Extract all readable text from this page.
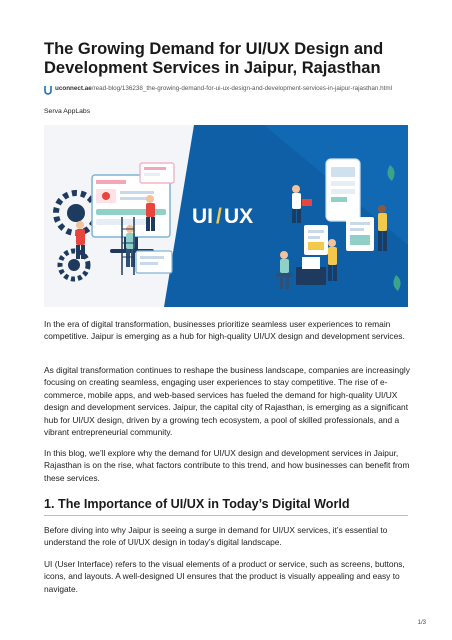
The Growing Demand for UI/UX Design and Development Services in Jaipur, Rajasthan
uconnect.ae/read-blog/136238_the-growing-demand-for-ui-ux-design-and-development-services-in-jaipur-rajasthan.html
Serva AppLabs
UI / UX

In the era of digital transformation, businesses prioritize seamless user experiences to remain competitive. Jaipur is emerging as a hub for high-quality UI/UX design and development services.

As digital transformation continues to reshape the business landscape, companies are increasingly focusing on creating seamless, engaging user experiences to stay competitive. The rise of e-commerce, mobile apps, and web-based services has fueled the demand for high-quality UI/UX design and development services. Jaipur, the capital city of Rajasthan, is emerging as a significant hub for UI/UX design, driven by a growing tech ecosystem, a pool of skilled professionals, and a vibrant entrepreneurial community.

In this blog, we’ll explore why the demand for UI/UX design and development services in Jaipur, Rajasthan is on the rise, what factors contribute to this trend, and how businesses can benefit from these services.

1. The Importance of UI/UX in Today’s Digital World

Before diving into why Jaipur is seeing a surge in demand for UI/UX services, it’s essential to understand the role of UI/UX design in today’s digital landscape.

UI (User Interface) refers to the visual elements of a product or service, such as screens, buttons, icons, and layouts. A well-designed UI ensures that the product is visually appealing and easy to navigate.

1/3
